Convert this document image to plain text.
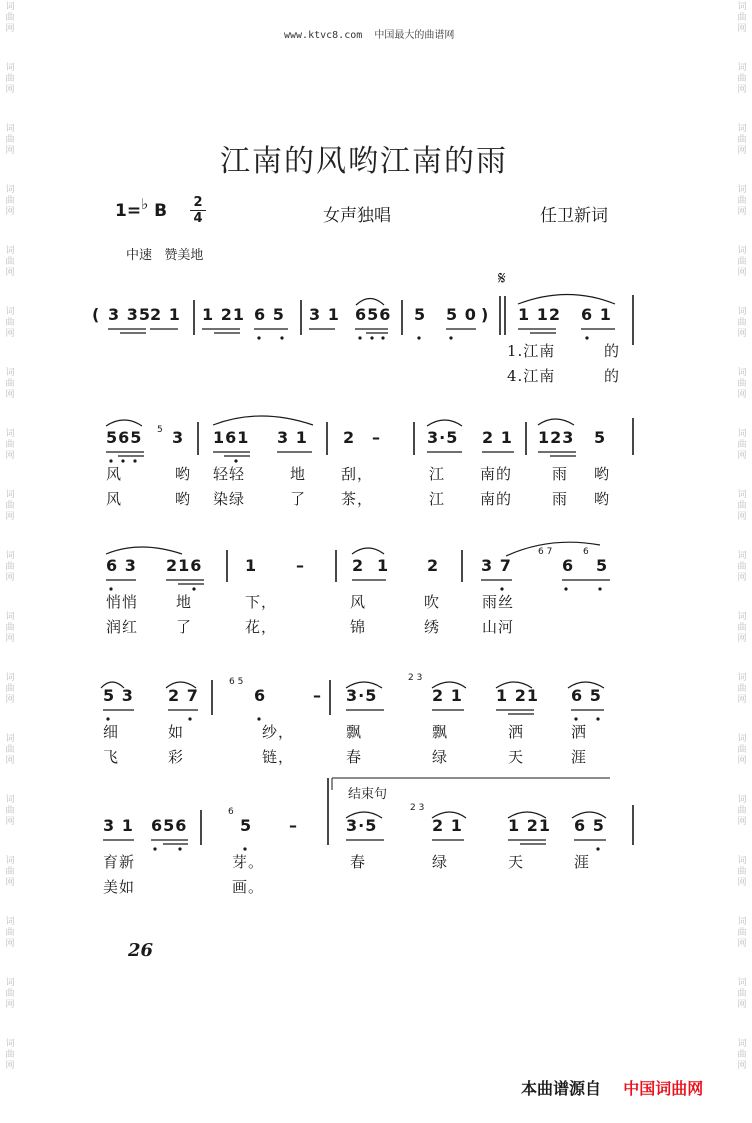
词曲网
词曲网
词曲网
词曲网
词曲网
词曲网
词曲网
词曲网
词曲网
词曲网
词曲网
词曲网
词曲网
词曲网
词曲网
词曲网
词曲网
词曲网
词曲网
词曲网
词曲网
词曲网
词曲网
词曲网
词曲网
词曲网
词曲网
词曲网
词曲网
词曲网
词曲网
词曲网
词曲网
词曲网
词曲网
词曲网
www.ktvc8.com 中国最大的曲谱网
江南的风哟江南的雨
1=♭ B 2
4	女声独唱	任卫新词
中速 赞美地
𝄋
( 3 35 2 1 1 21 6 5 3 1 656 5 5 0 ) 1 12 6 1
1.江南	的
4.江南	的
565 3 161 3 1 2 –	3·5 2 1 123 5
风	哟 轻轻	地 刮，	江 南的	雨 哟
风	哟 染绿	了 茶，	江 南的	雨 哟
6 3 216	1 –	2 1 2	3 7	6 5
悄悄	地	下，	风	吹	雨丝
润红	了	花，	锦	绣	山河
5 3 2 7	6	– 3·5	2 1 1 21 6 5
细	如	纱，	飘	飘	洒	洒
飞	彩	链，	春	绿	天	涯
3 1 656	5 –	3·5	2 1	1 21 6 5
育新	芽。	春	绿	天	涯
美如	画。
结束句
5
6 7	6
6 5	2 3
6	2 3
26
本曲谱源自 中国词曲网
